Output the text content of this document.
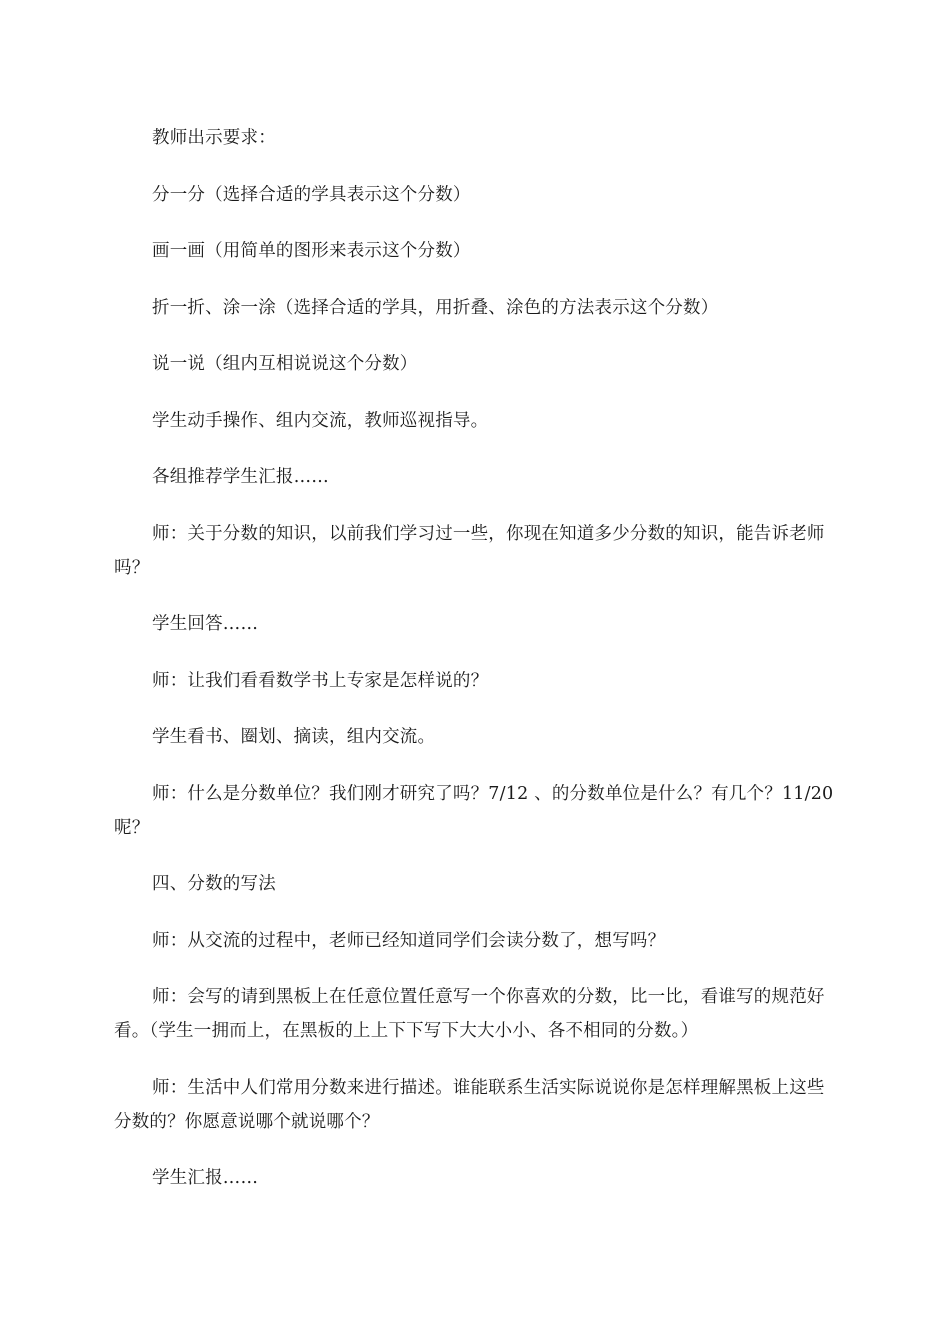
教师出示要求：

分一分（选择合适的学具表示这个分数）

画一画（用简单的图形来表示这个分数）

折一折、涂一涂（选择合适的学具，用折叠、涂色的方法表示这个分数）

说一说（组内互相说说这个分数）

学生动手操作、组内交流，教师巡视指导。

各组推荐学生汇报……

师：关于分数的知识，以前我们学习过一些，你现在知道多少分数的知识，能告诉老师吗？

学生回答……

师：让我们看看数学书上专家是怎样说的？

学生看书、圈划、摘读，组内交流。

师：什么是分数单位？我们刚才研究了吗？7/12 、的分数单位是什么？有几个？11/20 呢？

四、分数的写法

师：从交流的过程中，老师已经知道同学们会读分数了，想写吗？

师：会写的请到黑板上在任意位置任意写一个你喜欢的分数，比一比，看谁写的规范好看。（学生一拥而上，在黑板的上上下下写下大大小小、各不相同的分数。）

师：生活中人们常用分数来进行描述。谁能联系生活实际说说你是怎样理解黑板上这些分数的？你愿意说哪个就说哪个？

学生汇报……
